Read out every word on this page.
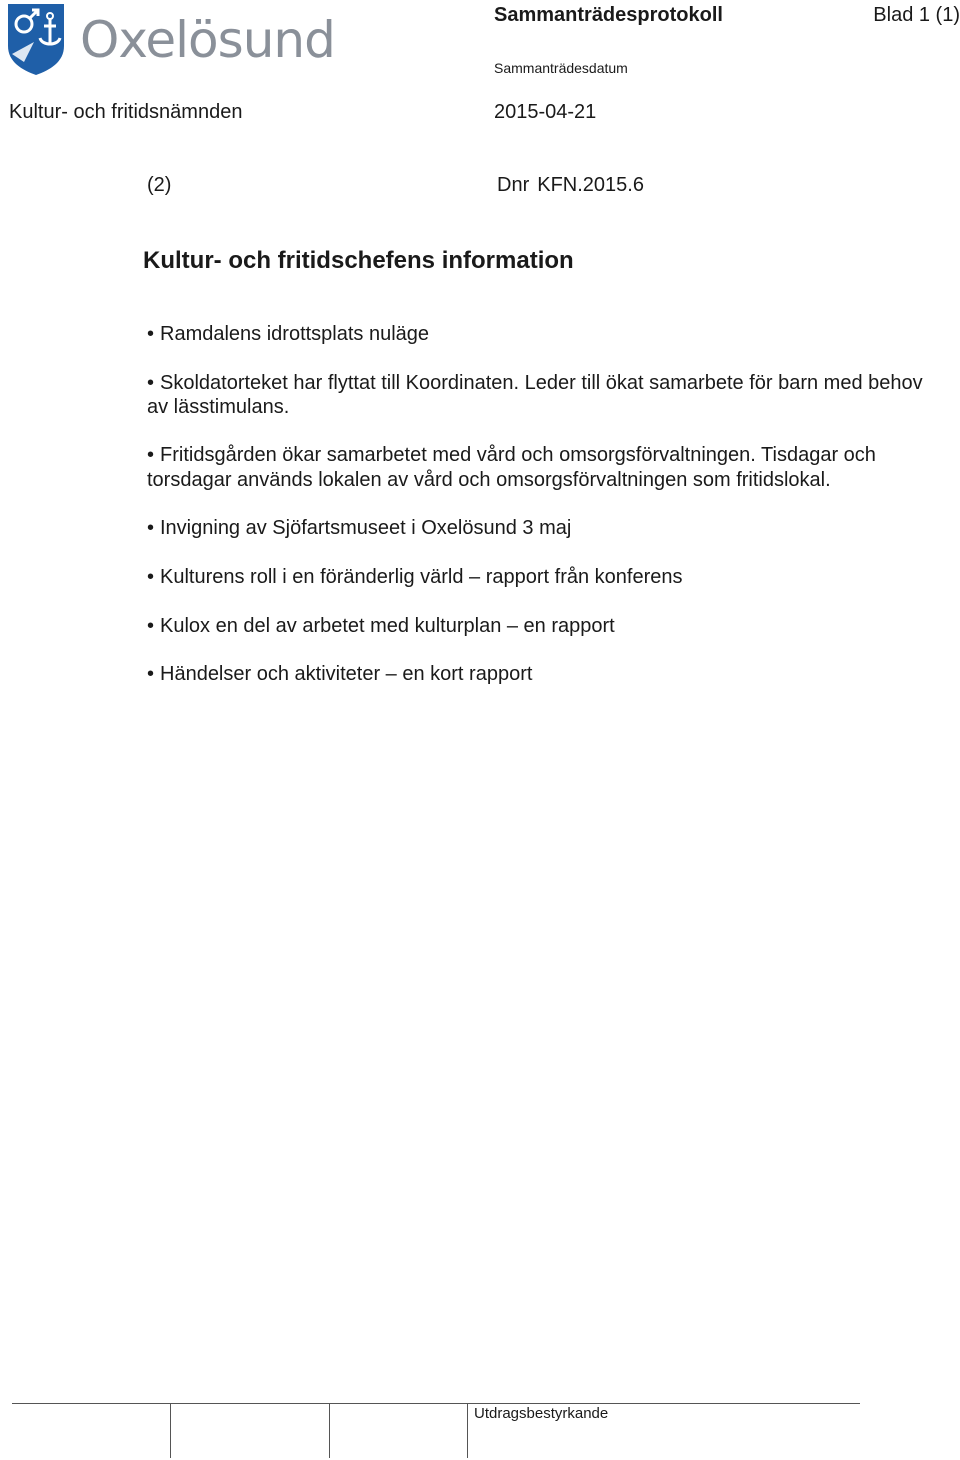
Oxelösund	Sammanträdesprotokoll	Blad 1 (1)
Sammanträdesdatum
Kultur- och fritidsnämnden	2015-04-21
(2)	Dnr KFN.2015.6
Kultur- och fritidschefens information
• Ramdalens idrottsplats nuläge
• Skoldatorteket har flyttat till Koordinaten. Leder till ökat samarbete för barn med behov av lässtimulans.
• Fritidsgården ökar samarbetet med vård och omsorgsförvaltningen. Tisdagar och torsdagar används lokalen av vård och omsorgsförvaltningen som fritidslokal.
• Invigning av Sjöfartsmuseet i Oxelösund 3 maj
• Kulturens roll i en föränderlig värld – rapport från konferens
• Kulox en del av arbetet med kulturplan – en rapport
• Händelser och aktiviteter – en kort rapport
Utdragsbestyrkande
